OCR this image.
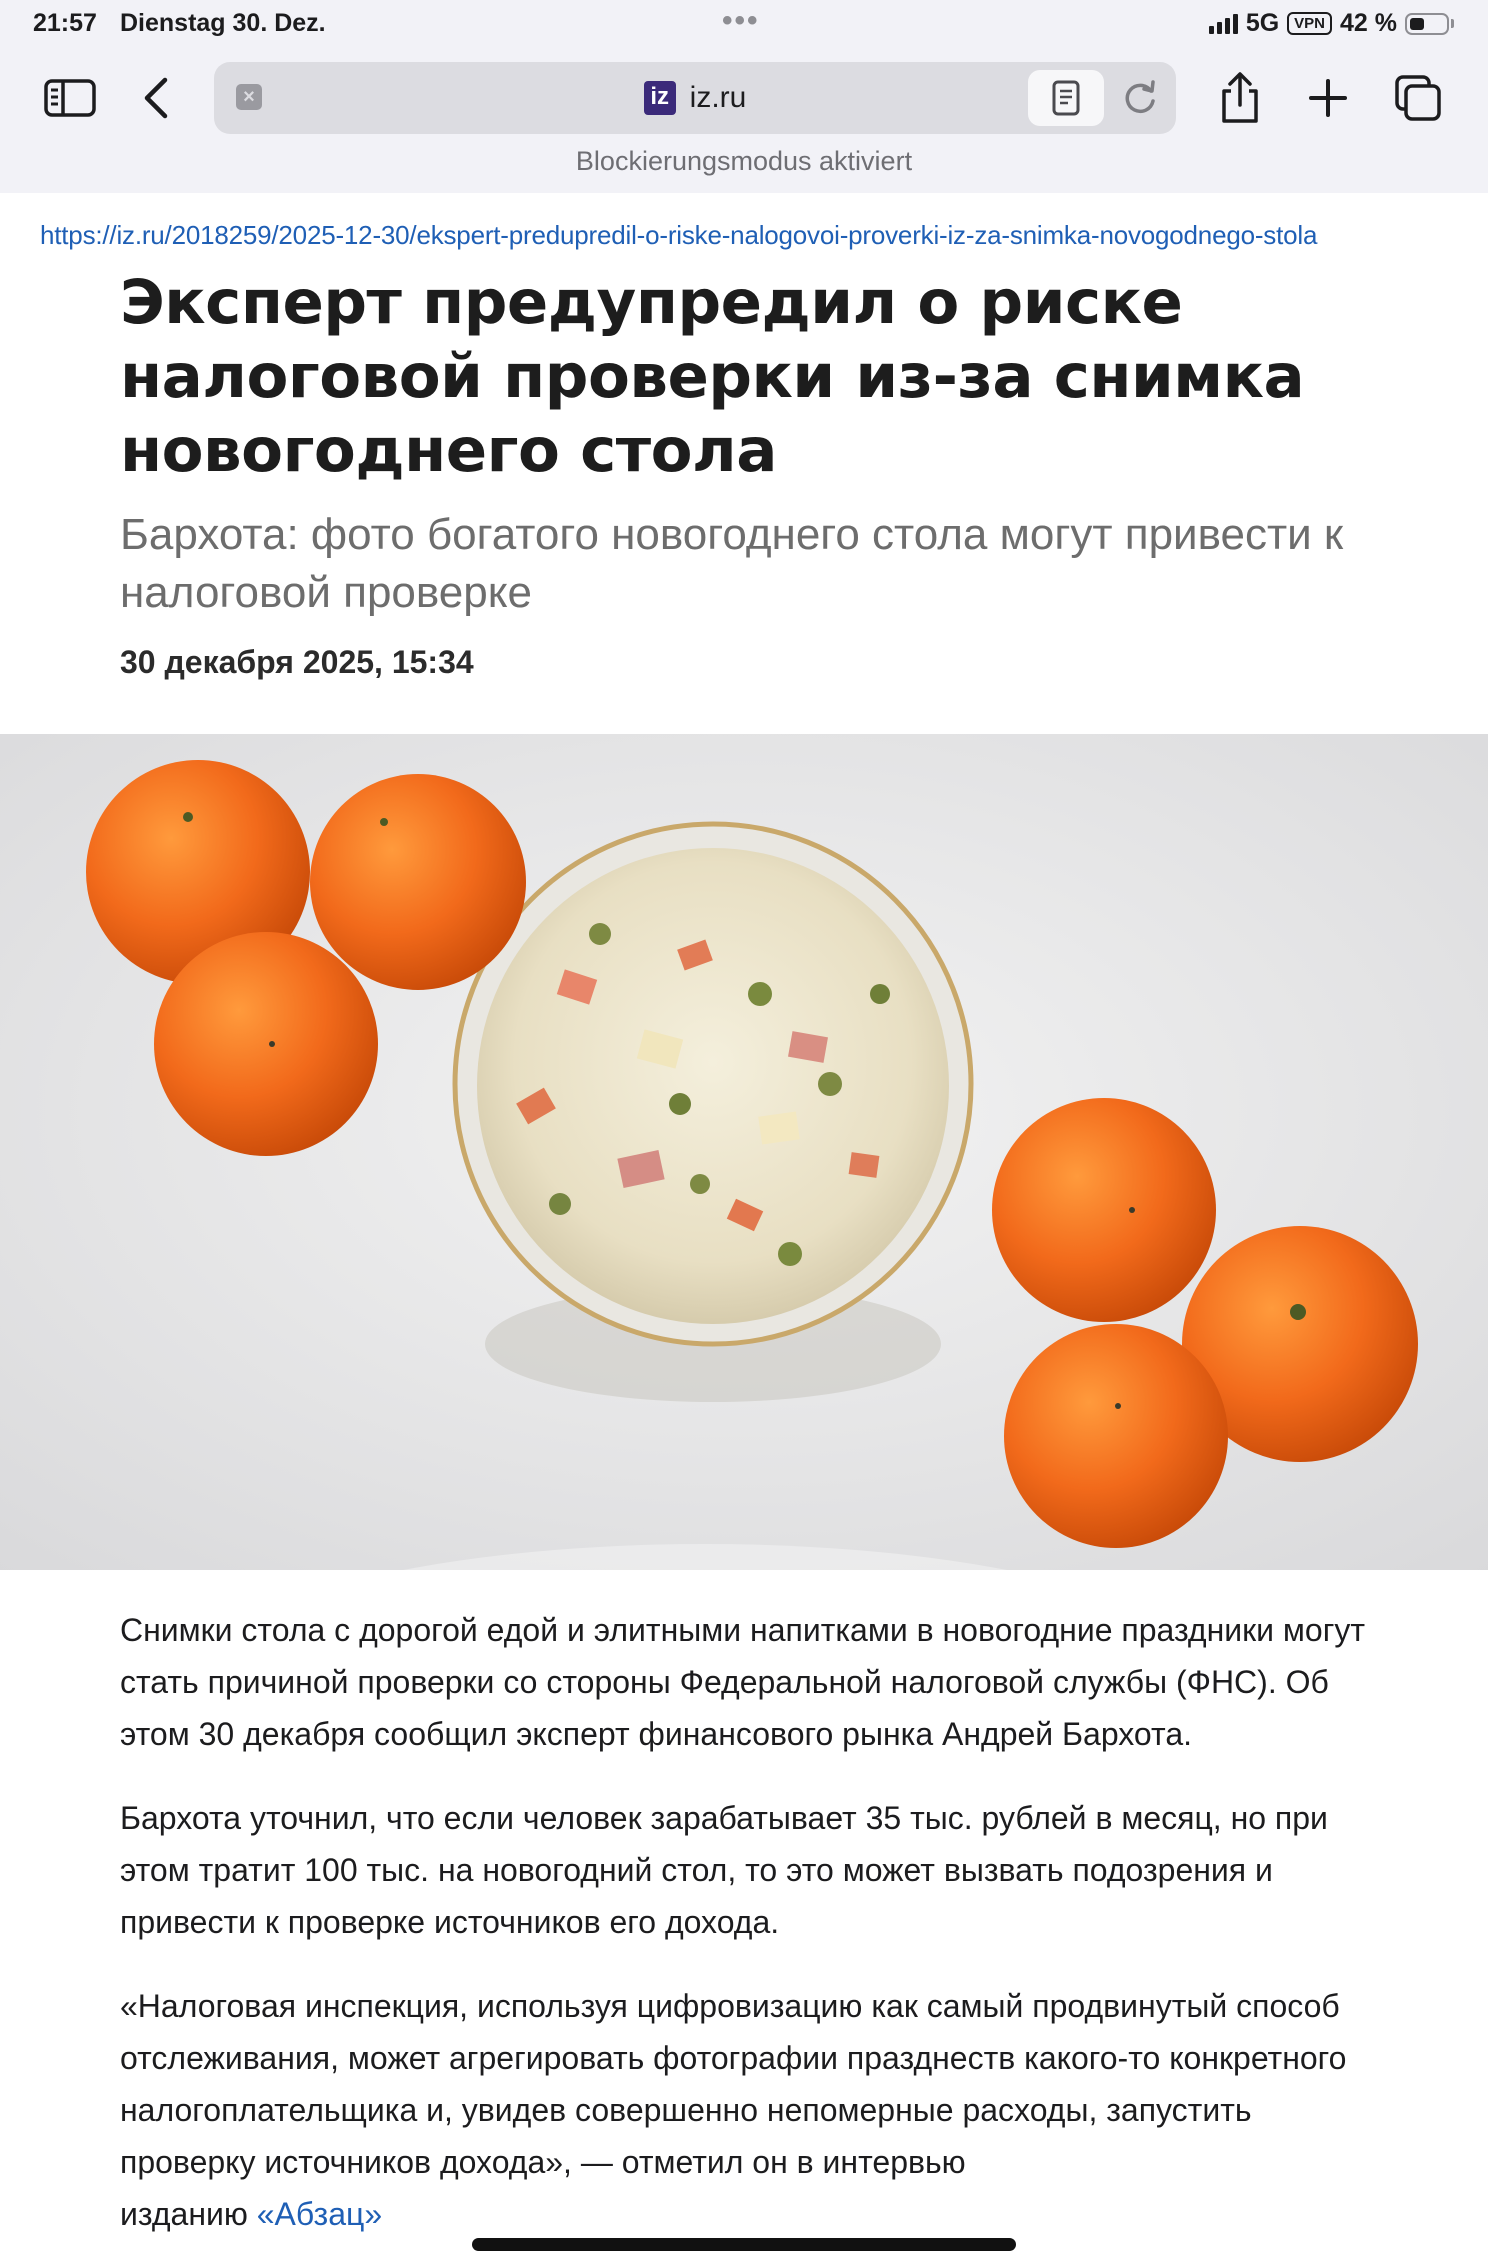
21:57 Dienstag 30. Dez.	•••	5G	VPN 42 %
×	iz iz.ru
Blockierungsmodus aktiviert
https://iz.ru/2018259/2025-12-30/ekspert-predupredil-o-riske-nalogovoi-proverki-iz-za-snimka-novogodnego-stola
Эксперт предупредил о риске налоговой проверки из-за снимка новогоднего стола

Бархота: фото богатого новогоднего стола могут привести к налоговой проверке

30 декабря 2025, 15:34

Снимки стола с дорогой едой и элитными напитками в новогодние праздники могут стать причиной проверки со стороны Федеральной налоговой службы (ФНС). Об этом 30 декабря сообщил эксперт финансового рынка Андрей Бархота.

Бархота уточнил, что если человек зарабатывает 35 тыс. рублей в месяц, но при этом тратит 100 тыс. на новогодний стол, то это может вызвать подозрения и привести к проверке источников его дохода.

«Налоговая инспекция, используя цифровизацию как самый продвинутый способ отслеживания, может агрегировать фотографии празднеств какого-то конкретного налогоплательщика и, увидев совершенно непомерные расходы, запустить проверку источников дохода», — отметил он в интервью
изданию «Абзац»
